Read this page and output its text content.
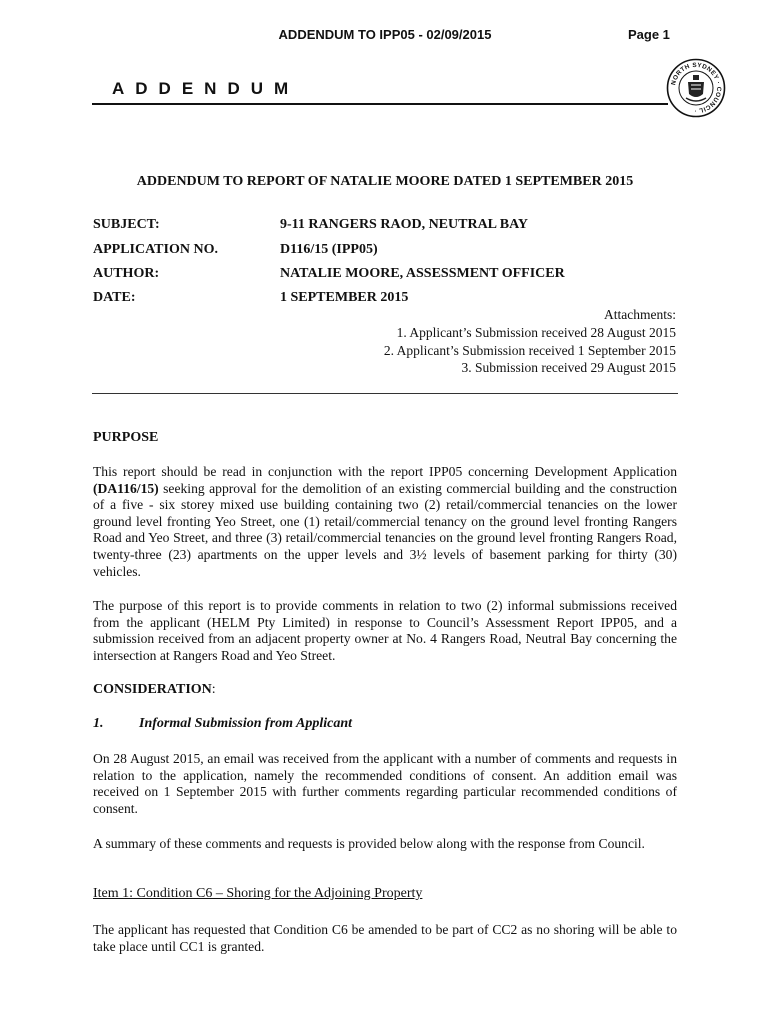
ADDENDUM TO IPP05 - 02/09/2015	Page 1
ADDENDUM	NORTH SYDNEY · COUNCIL ·
ADDENDUM TO REPORT OF NATALIE MOORE DATED 1 SEPTEMBER 2015
SUBJECT:	9-11 RANGERS RAOD, NEUTRAL BAY
APPLICATION NO.	D116/15 (IPP05)
AUTHOR:	NATALIE MOORE, ASSESSMENT OFFICER
DATE:	1 SEPTEMBER 2015
Attachments:
1. Applicant’s Submission received 28 August 2015
2. Applicant’s Submission received 1 September 2015
3. Submission received 29 August 2015
PURPOSE
This report should be read in conjunction with the report IPP05 concerning Development Application (DA116/15) seeking approval for the demolition of an existing commercial building and the construction of a five - six storey mixed use building containing two (2) retail/commercial tenancies on the lower ground level fronting Yeo Street, one (1) retail/commercial tenancy on the ground level fronting Rangers Road and Yeo Street, and three (3) retail/commercial tenancies on the ground level fronting Rangers Road, twenty-three (23) apartments on the upper levels and 3½ levels of basement parking for thirty (30) vehicles.
The purpose of this report is to provide comments in relation to two (2) informal submissions received from the applicant (HELM Pty Limited) in response to Council’s Assessment Report IPP05, and a submission received from an adjacent property owner at No. 4 Rangers Road, Neutral Bay concerning the intersection at Rangers Road and Yeo Street.
CONSIDERATION:
1.	Informal Submission from Applicant
On 28 August 2015, an email was received from the applicant with a number of comments and requests in relation to the application, namely the recommended conditions of consent. An addition email was received on 1 September 2015 with further comments regarding particular recommended conditions of consent.
A summary of these comments and requests is provided below along with the response from Council.
Item 1: Condition C6 – Shoring for the Adjoining Property
The applicant has requested that Condition C6 be amended to be part of CC2 as no shoring will be able to take place until CC1 is granted.
